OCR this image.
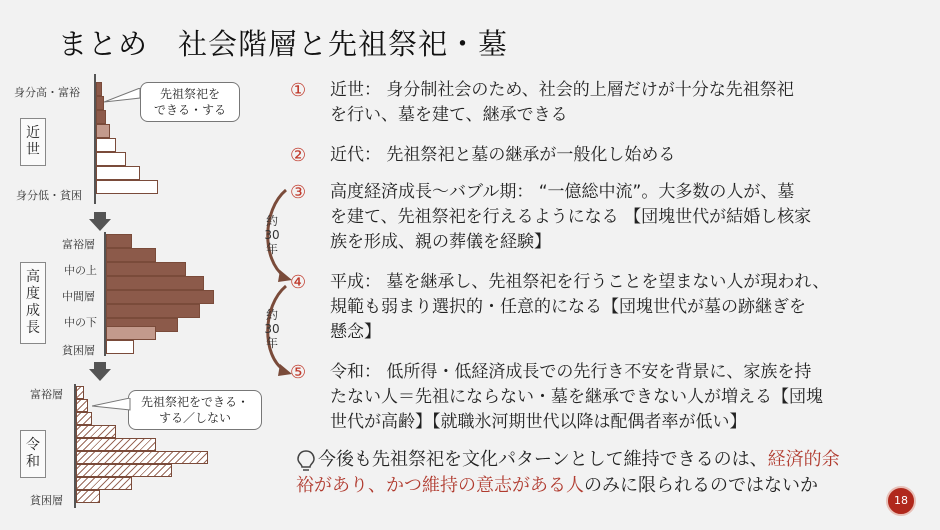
まとめ　社会階層と先祖祭祀・墓
身分高・富裕
身分低・貧困
近
世
先祖祭祀を
できる・する
高
度
成
長
富裕層
中の上
中間層
中の下
貧困層
富裕層
貧困層
令
和
先祖祭祀をできる・
する／しない
約
30
年
約
30
年
① 近世： 身分制社会のため、社会的上層だけが十分な先祖祭祀
を行い、墓を建て、継承できる
② 近代： 先祖祭祀と墓の継承が一般化し始める
③ 高度経済成長～バブル期： “一億総中流”。大多数の人が、墓
を建て、先祖祭祀を行えるようになる 【団塊世代が結婚し核家
族を形成、親の葬儀を経験】
④ 平成： 墓を継承し、先祖祭祀を行うことを望まない人が現われ、
規範も弱まり選択的・任意的になる【団塊世代が墓の跡継ぎを
懸念】
⑤ 令和： 低所得・低経済成長での先行き不安を背景に、家族を持
たない人＝先祖にならない・墓を継承できない人が増える【団塊
世代が高齢】【就職氷河期世代以降は配偶者率が低い】
今後も先祖祭祀を文化パターンとして維持できるのは、経済的余
裕があり、かつ維持の意志がある人のみに限られるのではないか
18
